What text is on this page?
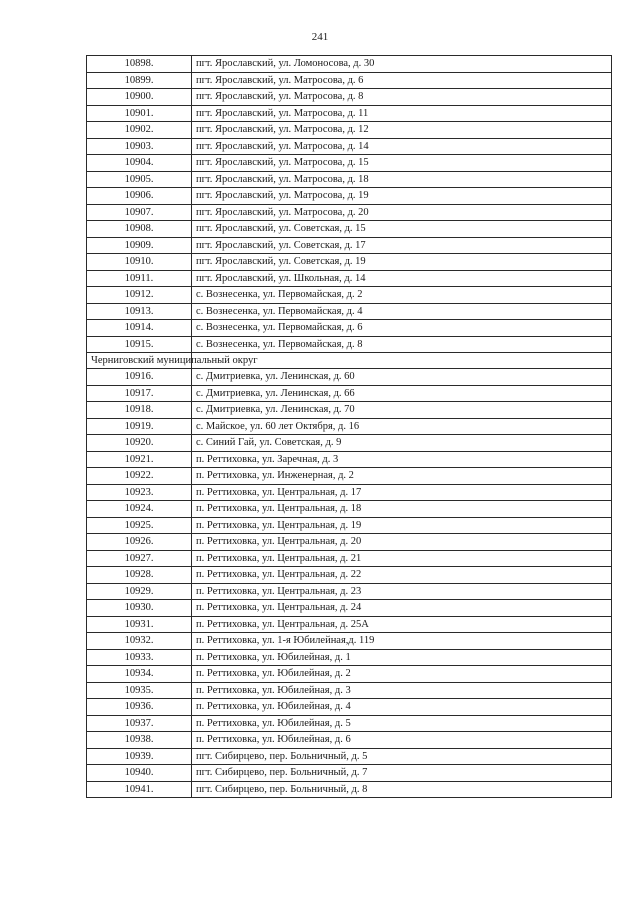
241
10898.	пгт. Ярославский, ул. Ломоносова, д. 30
10899.	пгт. Ярославский, ул. Матросова, д. 6
10900.	пгт. Ярославский, ул. Матросова, д. 8
10901.	пгт. Ярославский, ул. Матросова, д. 11
10902.	пгт. Ярославский, ул. Матросова, д. 12
10903.	пгт. Ярославский, ул. Матросова, д. 14
10904.	пгт. Ярославский, ул. Матросова, д. 15
10905.	пгт. Ярославский, ул. Матросова, д. 18
10906.	пгт. Ярославский, ул. Матросова, д. 19
10907.	пгт. Ярославский, ул. Матросова, д. 20
10908.	пгт. Ярославский, ул. Советская, д. 15
10909.	пгт. Ярославский, ул. Советская, д. 17
10910.	пгт. Ярославский, ул. Советская, д. 19
10911.	пгт. Ярославский, ул. Школьная, д. 14
10912.	с. Вознесенка, ул. Первомайская, д. 2
10913.	с. Вознесенка, ул. Первомайская, д. 4
10914.	с. Вознесенка, ул. Первомайская, д. 6
10915.	с. Вознесенка, ул. Первомайская, д. 8
Черниговский муниципальный округ	
10916.	с. Дмитриевка, ул. Ленинская, д. 60
10917.	с. Дмитриевка, ул. Ленинская, д. 66
10918.	с. Дмитриевка, ул. Ленинская, д. 70
10919.	с. Майское, ул. 60 лет Октября, д. 16
10920.	с. Синий Гай, ул. Советская, д. 9
10921.	п. Реттиховка, ул. Заречная, д. 3
10922.	п. Реттиховка, ул. Инженерная, д. 2
10923.	п. Реттиховка, ул. Центральная, д. 17
10924.	п. Реттиховка, ул. Центральная, д. 18
10925.	п. Реттиховка, ул. Центральная, д. 19
10926.	п. Реттиховка, ул. Центральная, д. 20
10927.	п. Реттиховка, ул. Центральная, д. 21
10928.	п. Реттиховка, ул. Центральная, д. 22
10929.	п. Реттиховка, ул. Центральная, д. 23
10930.	п. Реттиховка, ул. Центральная, д. 24
10931.	п. Реттиховка, ул. Центральная, д. 25А
10932.	п. Реттиховка, ул. 1-я Юбилейная,д. 119
10933.	п. Реттиховка, ул. Юбилейная, д. 1
10934.	п. Реттиховка, ул. Юбилейная, д. 2
10935.	п. Реттиховка, ул. Юбилейная, д. 3
10936.	п. Реттиховка, ул. Юбилейная, д. 4
10937.	п. Реттиховка, ул. Юбилейная, д. 5
10938.	п. Реттиховка, ул. Юбилейная, д. 6
10939.	пгт. Сибирцево, пер. Больничный, д. 5
10940.	пгт. Сибирцево, пер. Больничный, д. 7
10941.	пгт. Сибирцево, пер. Больничный, д. 8
